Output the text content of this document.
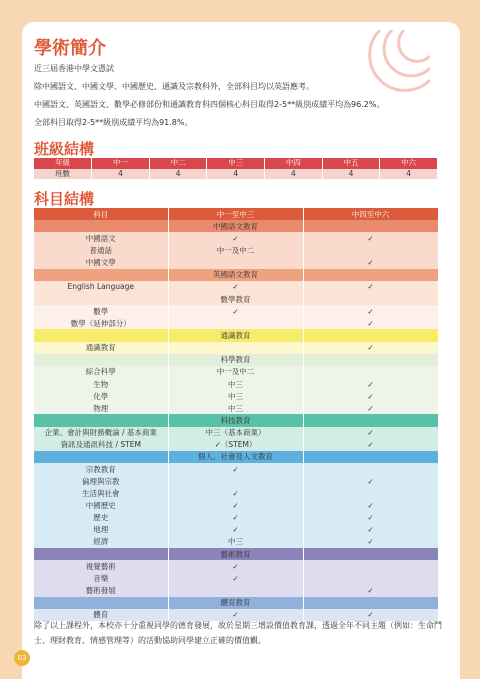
學術簡介
近三屆香港中學文憑試
除中國語文、中國文學、中國歷史、通識及宗教科外，全部科目均以英語應考。
中國語文、英國語文、數學必修部份和通識教育科四個核心科目取得2-5**級別成績平均為96.2%。
全部科目取得2-5**級別成績平均為91.8%。
班級結構
年級	中一	中二	中三	中四	中五	中六
班數	4	4	4	4	4	4
科目結構
科目	中一至中三	中四至中六
	中國語文教育	
中國語文	✓	✓
普通話	中一及中二	
中國文學		✓
	英國語文教育	
English Language	✓	✓
	數學教育	
數學	✓	✓
數學（延伸部分）		✓
	通識教育	
通識教育		✓
	科學教育	
綜合科學	中一及中二	
生物	中三	✓
化學	中三	✓
物理	中三	✓
	科技教育	
企業、會計與財務概論 / 基本商業	中三（基本商業）	✓
資訊及通訊科技 / STEM	✓（STEM）	✓
	個人、社會及人文教育	
宗教教育	✓	
倫理與宗教		✓
生活與社會	✓	
中國歷史	✓	✓
歷史	✓	✓
地理	✓	✓
經濟	中三	✓
	藝術教育	
視覺藝術	✓	
音樂	✓	
藝術發展		✓
	體育教育	
體育	✓	✓
除了以上課程外，本校亦十分重視同學的德育發展，故於星期三增設價值教育課，透過全年不同主題（例如：生命鬥士、理財教育、情感管理等）的活動協助同學建立正確的價值觀。
03
